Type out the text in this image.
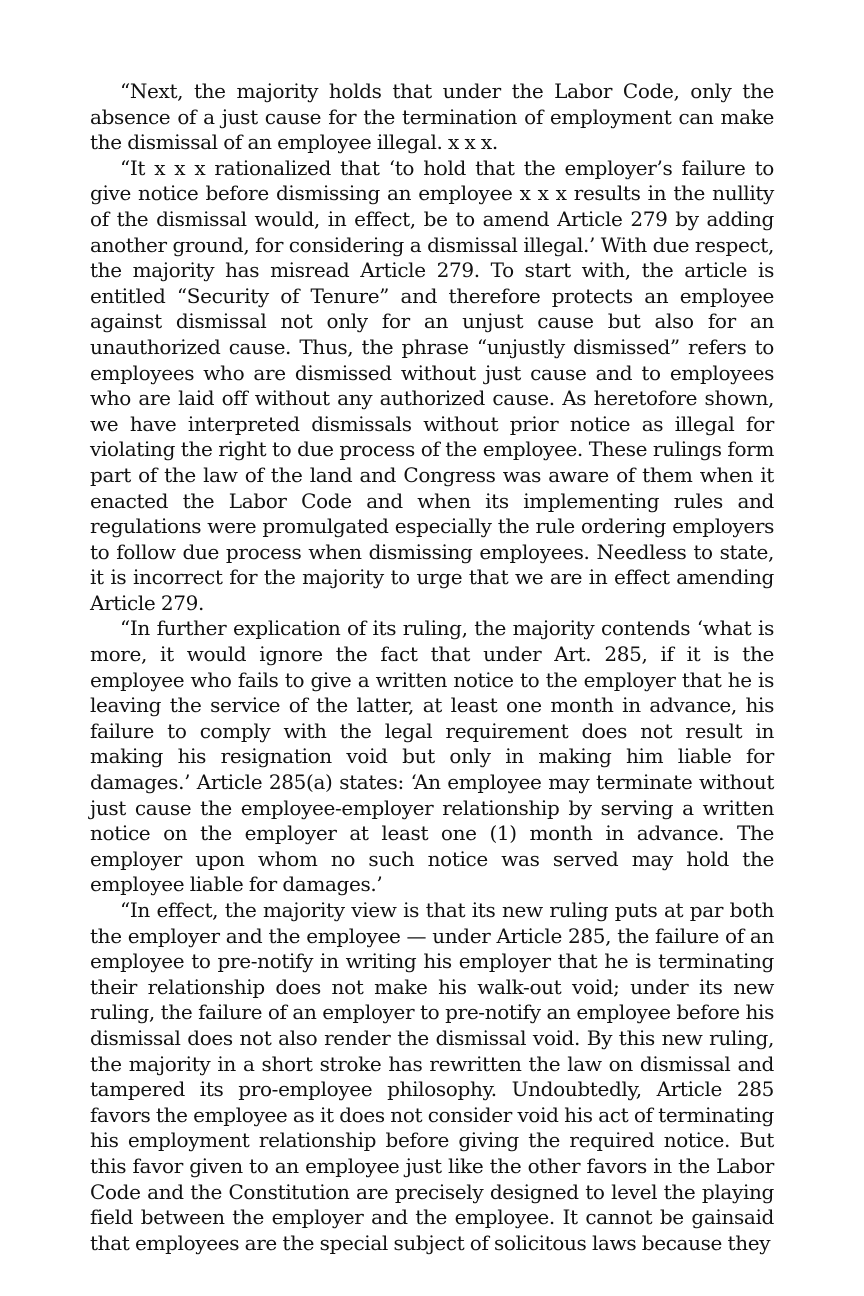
“Next, the majority holds that under the Labor Code, only the absence of a just cause for the termination of employment can make the dismissal of an employee illegal. x x x.

“It x x x rationalized that ‘to hold that the employer’s failure to give notice before dismissing an employee x x x results in the nullity of the dismissal would, in effect, be to amend Article 279 by adding another ground, for considering a dismissal illegal.’ With due respect, the majority has misread Article 279. To start with, the article is entitled “Security of Tenure” and therefore protects an employee against dismissal not only for an unjust cause but also for an unauthorized cause. Thus, the phrase “unjustly dismissed” refers to employees who are dismissed without just cause and to employees who are laid off without any authorized cause. As heretofore shown, we have interpreted dismissals without prior notice as illegal for violating the right to due process of the employee. These rulings form part of the law of the land and Congress was aware of them when it enacted the Labor Code and when its implementing rules and regulations were promulgated especially the rule ordering employers to follow due process when dismissing employees. Needless to state, it is incorrect for the majority to urge that we are in effect amending Article 279.

“In further explication of its ruling, the majority contends ‘what is more, it would ignore the fact that under Art. 285, if it is the employee who fails to give a written notice to the employer that he is leaving the service of the latter, at least one month in advance, his failure to comply with the legal requirement does not result in making his resignation void but only in making him liable for damages.’ Article 285(a) states: ‘An employee may terminate without just cause the employee-employer relationship by serving a written notice on the employer at least one (1) month in advance. The employer upon whom no such notice was served may hold the employee liable for damages.’

“In effect, the majority view is that its new ruling puts at par both the employer and the employee — under Article 285, the failure of an employee to pre-notify in writing his employer that he is terminating their relationship does not make his walk-out void; under its new ruling, the failure of an employer to pre-notify an employee before his dismissal does not also render the dismissal void. By this new ruling, the majority in a short stroke has rewritten the law on dismissal and tampered its pro-employee philosophy. Undoubtedly, Article 285 favors the employee as it does not consider void his act of terminating his employment relationship before giving the required notice. But this favor given to an employee just like the other favors in the Labor Code and the Constitution are precisely designed to level the playing field between the employer and the employee. It cannot be gainsaid that employees are the special subject of solicitous laws because they
